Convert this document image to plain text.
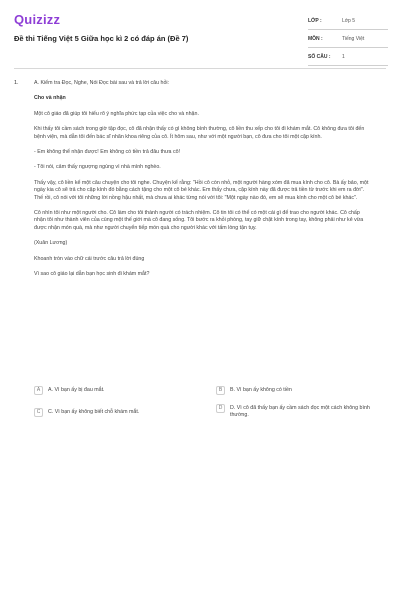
Quizizz
Đề thi Tiếng Việt 5 Giữa học kì 2 có đáp án (Đề 7)
LỚP :	Lớp 5
MÔN :	Tiếng Việt
SỐ CÂU :	1
1.	A. Kiểm tra Đọc, Nghe, Nói Đọc bài sau và trả lời câu hỏi:

Cho và nhận

Một cô giáo đã giúp tôi hiểu rõ ý nghĩa phức tạp của việc cho và nhận.

Khi thấy tôi cầm sách trong giờ tập đọc, cô đã nhận thấy có gì không bình thường, cô liền thu xếp cho tôi đi khám mắt. Cô không đưa tôi đến bệnh viện, mà dẫn tôi đến bác sĩ nhãn khoa riêng của cô. Ít hôm sau, như với một người bạn, cô đưa cho tôi một cặp kính.

- Em không thể nhận được! Em không có tiền trả đâu thưa cô!

- Tôi nói, cảm thấy ngượng ngùng vì nhà mình nghèo.

Thấy vậy, cô liền kể một câu chuyện cho tôi nghe. Chuyện kể rằng: "Hồi cô còn nhỏ, một người hàng xóm đã mua kính cho cô. Bà ấy bảo, một ngày kia cô sẽ trả cho cặp kính đó bằng cách tặng cho một cô bé khác. Em thấy chưa, cặp kính này đã được trả tiền từ trước khi em ra đời". Thế rồi, cô nói với tôi những lời nồng hậu nhất, mà chưa ai khác từng nói với tôi: "Một ngày nào đó, em sẽ mua kính cho một cô bé khác".

Cô nhìn tôi như một người cho. Cô làm cho tôi thành người có trách nhiệm. Cô tin tôi có thể có một cái gì để trao cho người khác. Cô chấp nhận tôi như thành viên của cùng một thế giới mà cô đang sống. Tôi bước ra khỏi phòng, tay giữ chặt kính trong tay, không phải như kẻ vừa được nhận món quà, mà như người chuyển tiếp món quà cho người khác với tấm lòng tận tụy.

(Xuân Lương)

Khoanh tròn vào chữ cái trước câu trả lời đúng

Vì sao cô giáo lại dẫn bạn học sinh đi khám mắt?

A	A. Vì bạn ấy bị đau mắt.	B	B. Vì bạn ấy không có tiền
C	C. Vì bạn ấy không biết chỗ khám mắt.
D	D. Vì cô đã thấy bạn ấy cầm sách đọc một cách không bình thường.
